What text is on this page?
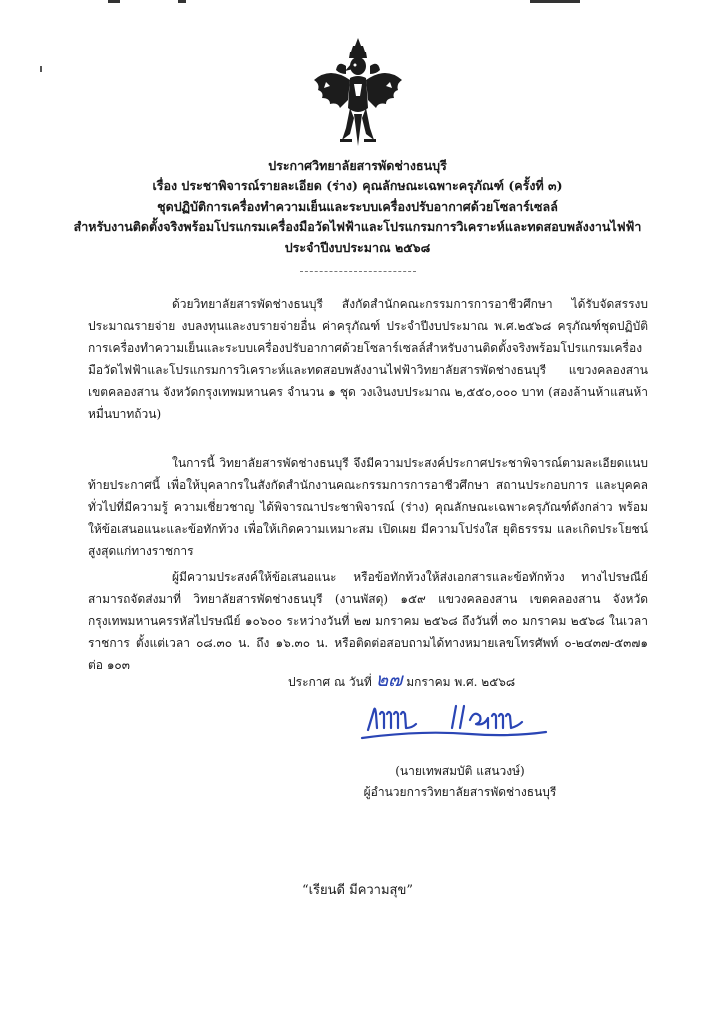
ประกาศวิทยาลัยสารพัดช่างธนบุรี
เรื่อง ประชาพิจารณ์รายละเอียด (ร่าง) คุณลักษณะเฉพาะครุภัณฑ์ (ครั้งที่ ๓)
ชุดปฏิบัติการเครื่องทำความเย็นและระบบเครื่องปรับอากาศด้วยโซลาร์เซลล์
สำหรับงานติดตั้งจริงพร้อมโปรแกรมเครื่องมือวัดไฟฟ้าและโปรแกรมการวิเคราะห์และทดสอบพลังงานไฟฟ้า
ประจำปีงบประมาณ ๒๕๖๘
ด้วยวิทยาลัยสารพัดช่างธนบุรี สังกัดสำนักคณะกรรมการการอาชีวศึกษา ได้รับจัดสรรงบประมาณรายจ่าย งบลงทุนและงบรายจ่ายอื่น ค่าครุภัณฑ์ ประจำปีงบประมาณ พ.ศ.๒๕๖๘ ครุภัณฑ์ชุดปฏิบัติการเครื่องทำความเย็นและระบบเครื่องปรับอากาศด้วยโซลาร์เซลล์สำหรับงานติดตั้งจริงพร้อมโปรแกรมเครื่องมือวัดไฟฟ้าและโปรแกรมการวิเคราะห์และทดสอบพลังงานไฟฟ้าวิทยาลัยสารพัดช่างธนบุรี แขวงคลองสานเขตคลองสาน จังหวัดกรุงเทพมหานคร จำนวน ๑ ชุด วงเงินงบประมาณ ๒,๕๕๐,๐๐๐ บาท (สองล้านห้าแสนห้าหมื่นบาทถ้วน)
ในการนี้ วิทยาลัยสารพัดช่างธนบุรี จึงมีความประสงค์ประกาศประชาพิจารณ์ตามละเอียดแนบท้ายประกาศนี้ เพื่อให้บุคลากรในสังกัดสำนักงานคณะกรรมการการอาชีวศึกษา สถานประกอบการ และบุคคลทั่วไปที่มีความรู้ ความเชี่ยวชาญ ได้พิจารณาประชาพิจารณ์ (ร่าง) คุณลักษณะเฉพาะครุภัณฑ์ดังกล่าว พร้อมให้ข้อเสนอแนะและข้อทักท้วง เพื่อให้เกิดความเหมาะสม เปิดเผย มีความโปร่งใส ยุติธรรรม และเกิดประโยชน์สูงสุดแก่ทางราชการ
ผู้มีความประสงค์ให้ข้อเสนอแนะ หรือข้อทักท้วงให้ส่งเอกสารและข้อทักท้วง ทางไปรษณีย์สามารถจัดส่งมาที่ วิทยาลัยสารพัดช่างธนบุรี (งานพัสดุ) ๑๕๙ แขวงคลองสาน เขตคลองสาน จังหวัดกรุงเทพมหานครรหัสไปรษณีย์ ๑๐๖๐๐ ระหว่างวันที่ ๒๗ มกราคม ๒๕๖๘ ถึงวันที่ ๓๐ มกราคม ๒๕๖๘ ในเวลาราชการ ตั้งแต่เวลา ๐๘.๓๐ น. ถึง ๑๖.๓๐ น. หรือติดต่อสอบถามได้ทางหมายเลขโทรศัพท์ ๐-๒๔๓๗-๕๓๗๑ ต่อ ๑๐๓
ประกาศ ณ วันที่ ๒๗ มกราคม พ.ศ. ๒๕๖๘
(นายเทพสมบัติ แสนวงษ์)
ผู้อำนวยการวิทยาลัยสารพัดช่างธนบุรี
“เรียนดี มีความสุข”
